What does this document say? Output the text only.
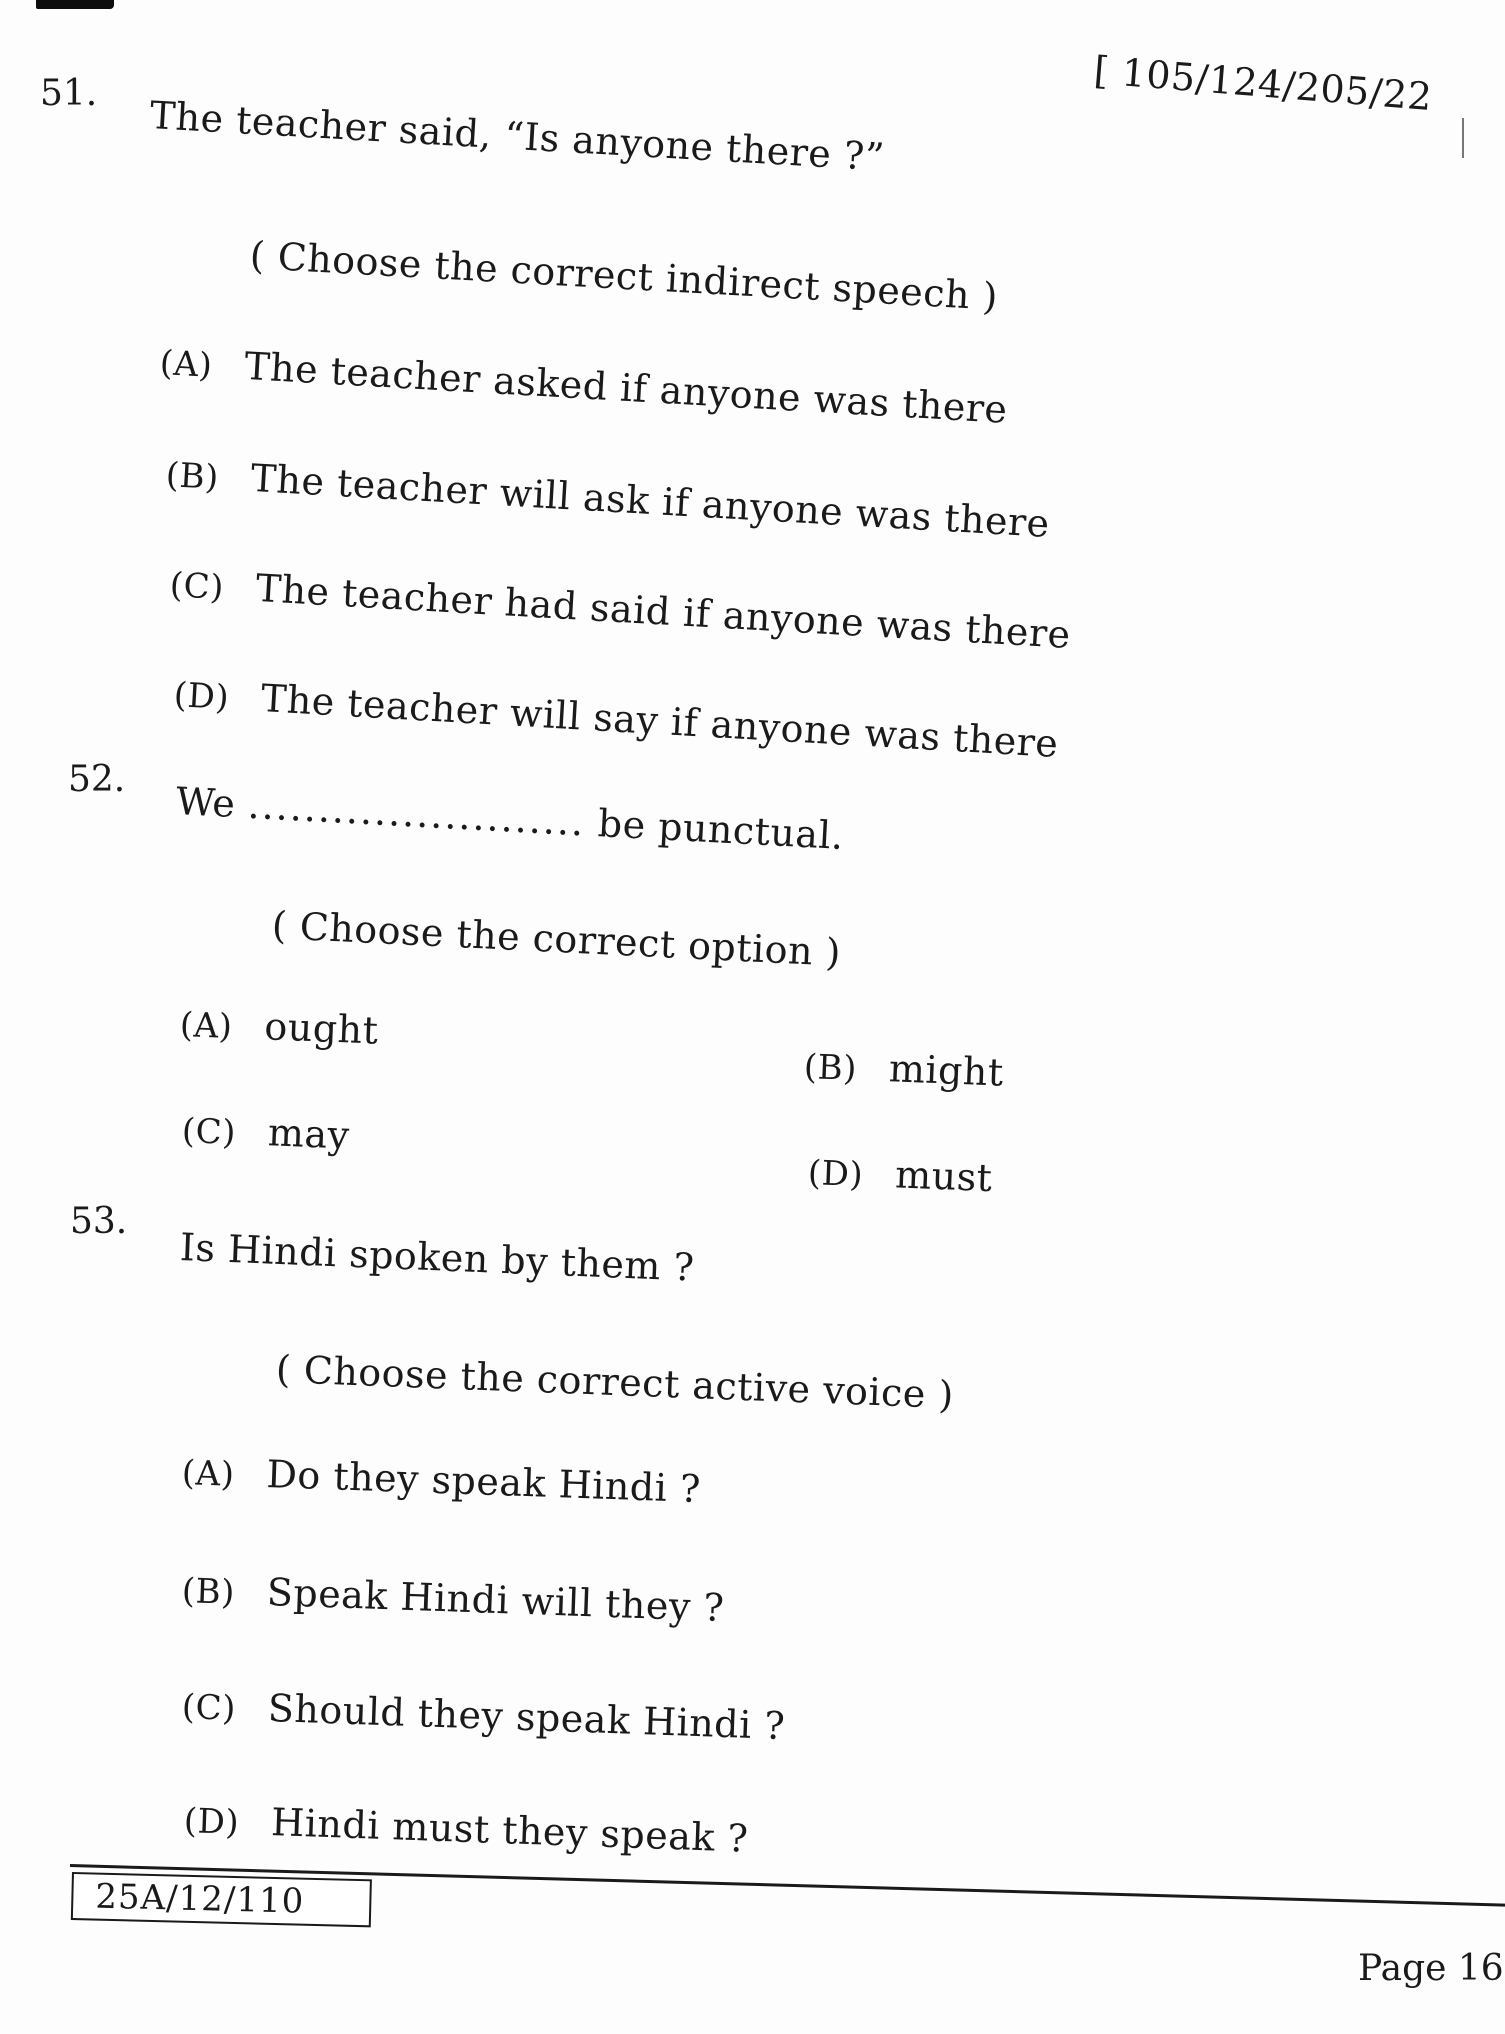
[ 105/124/205/22
51. The teacher said, “Is anyone there ?”
( Choose the correct indirect speech )
(A) The teacher asked if anyone was there
(B) The teacher will ask if anyone was there
(C) The teacher had said if anyone was there
(D) The teacher will say if anyone was there
52. We ........................ be punctual.
( Choose the correct option )
(A) ought
(B) might
(C) may
(D) must
53.
Is Hindi spoken by them ?
( Choose the correct active voice )
(A) Do they speak Hindi ?
(B) Speak Hindi will they ?
(C) Should they speak Hindi ?
(D) Hindi must they speak ?
25A/12/110
Page 16
